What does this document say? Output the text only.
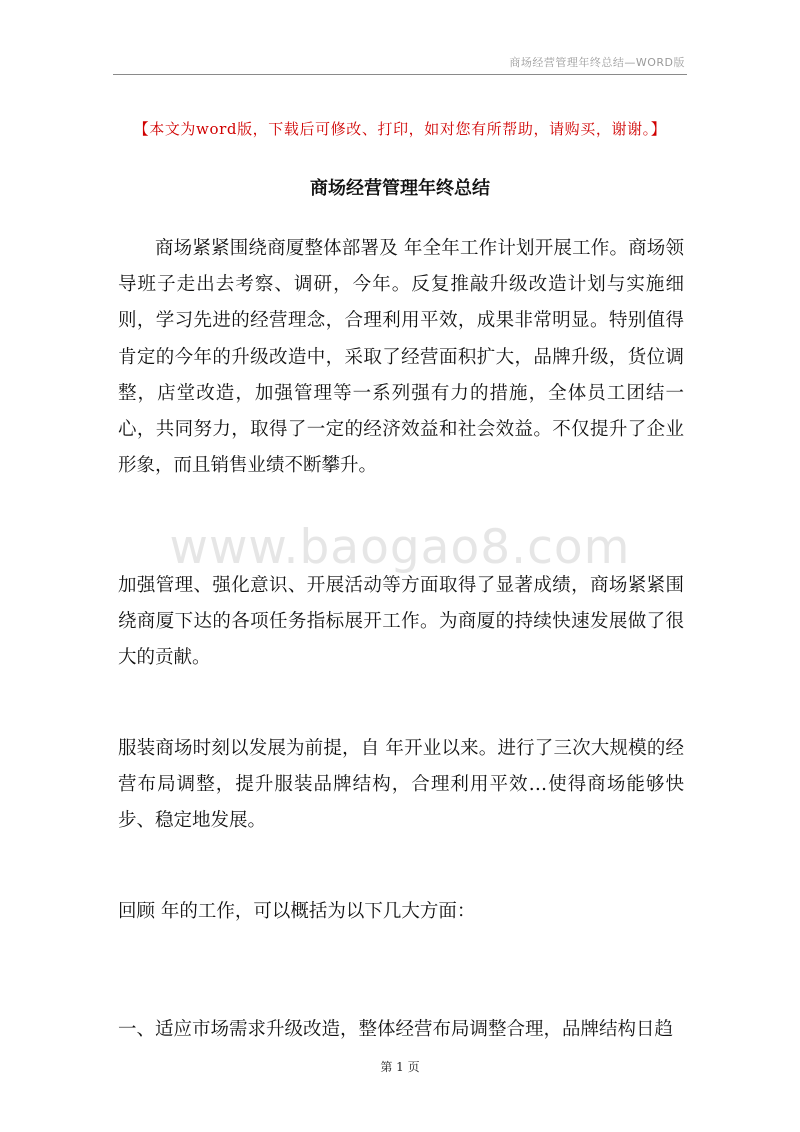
商场经营管理年终总结—WORD版
【本文为word版，下载后可修改、打印，如对您有所帮助，请购买，谢谢。】
商场经营管理年终总结

商场紧紧围绕商厦整体部署及 年全年工作计划开展工作。商场领导班子走出去考察、调研，今年。反复推敲升级改造计划与实施细则，学习先进的经营理念，合理利用平效，成果非常明显。特别值得肯定的今年的升级改造中，采取了经营面积扩大，品牌升级，货位调整，店堂改造，加强管理等一系列强有力的措施，全体员工团结一心，共同努力，取得了一定的经济效益和社会效益。不仅提升了企业形象，而且销售业绩不断攀升。

www.baogao8.com

加强管理、强化意识、开展活动等方面取得了显著成绩，商场紧紧围绕商厦下达的各项任务指标展开工作。为商厦的持续快速发展做了很大的贡献。

服装商场时刻以发展为前提，自 年开业以来。进行了三次大规模的经营布局调整，提升服装品牌结构，合理利用平效…使得商场能够快步、稳定地发展。

回顾 年的工作，可以概括为以下几大方面：

一、适应市场需求升级改造，整体经营布局调整合理，品牌结构日趋

第 1 页
